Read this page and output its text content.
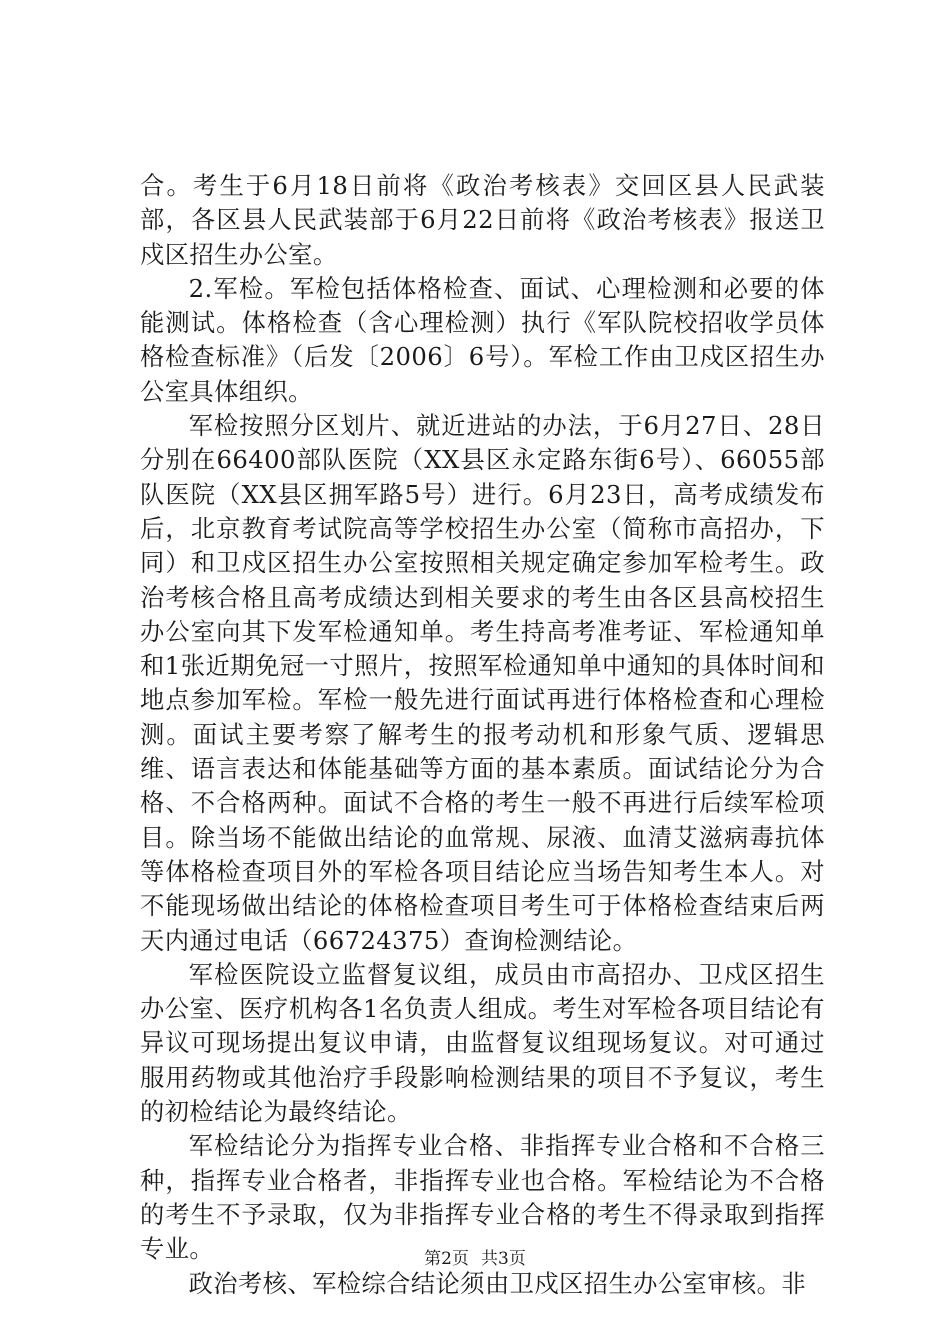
合。考生于6月18日前将《政治考核表》交回区县人民武装部，各区县人民武装部于6月22日前将《政治考核表》报送卫戍区招生办公室。

2.军检。军检包括体格检查、面试、心理检测和必要的体能测试。体格检查（含心理检测）执行《军队院校招收学员体格检查标准》（后发〔2006〕6号）。军检工作由卫戍区招生办公室具体组织。

军检按照分区划片、就近进站的办法，于6月27日、28日分别在66400部队医院（XX县区永定路东街6号）、66055部队医院（XX县区拥军路5号）进行。6月23日，高考成绩发布后，北京教育考试院高等学校招生办公室（简称市高招办，下同）和卫戍区招生办公室按照相关规定确定参加军检考生。政治考核合格且高考成绩达到相关要求的考生由各区县高校招生办公室向其下发军检通知单。考生持高考准考证、军检通知单和1张近期免冠一寸照片，按照军检通知单中通知的具体时间和地点参加军检。军检一般先进行面试再进行体格检查和心理检测。面试主要考察了解考生的报考动机和形象气质、逻辑思维、语言表达和体能基础等方面的基本素质。面试结论分为合格、不合格两种。面试不合格的考生一般不再进行后续军检项目。除当场不能做出结论的血常规、尿液、血清艾滋病毒抗体等体格检查项目外的军检各项目结论应当场告知考生本人。对不能现场做出结论的体格检查项目考生可于体格检查结束后两天内通过电话（66724375）查询检测结论。

军检医院设立监督复议组，成员由市高招办、卫戍区招生办公室、医疗机构各1名负责人组成。考生对军检各项目结论有异议可现场提出复议申请，由监督复议组现场复议。对可通过服用药物或其他治疗手段影响检测结果的项目不予复议，考生的初检结论为最终结论。

军检结论分为指挥专业合格、非指挥专业合格和不合格三种，指挥专业合格者，非指挥专业也合格。军检结论为不合格的考生不予录取，仅为非指挥专业合格的考生不得录取到指挥专业。

政治考核、军检综合结论须由卫戍区招生办公室审核。非

第2页 共3页
